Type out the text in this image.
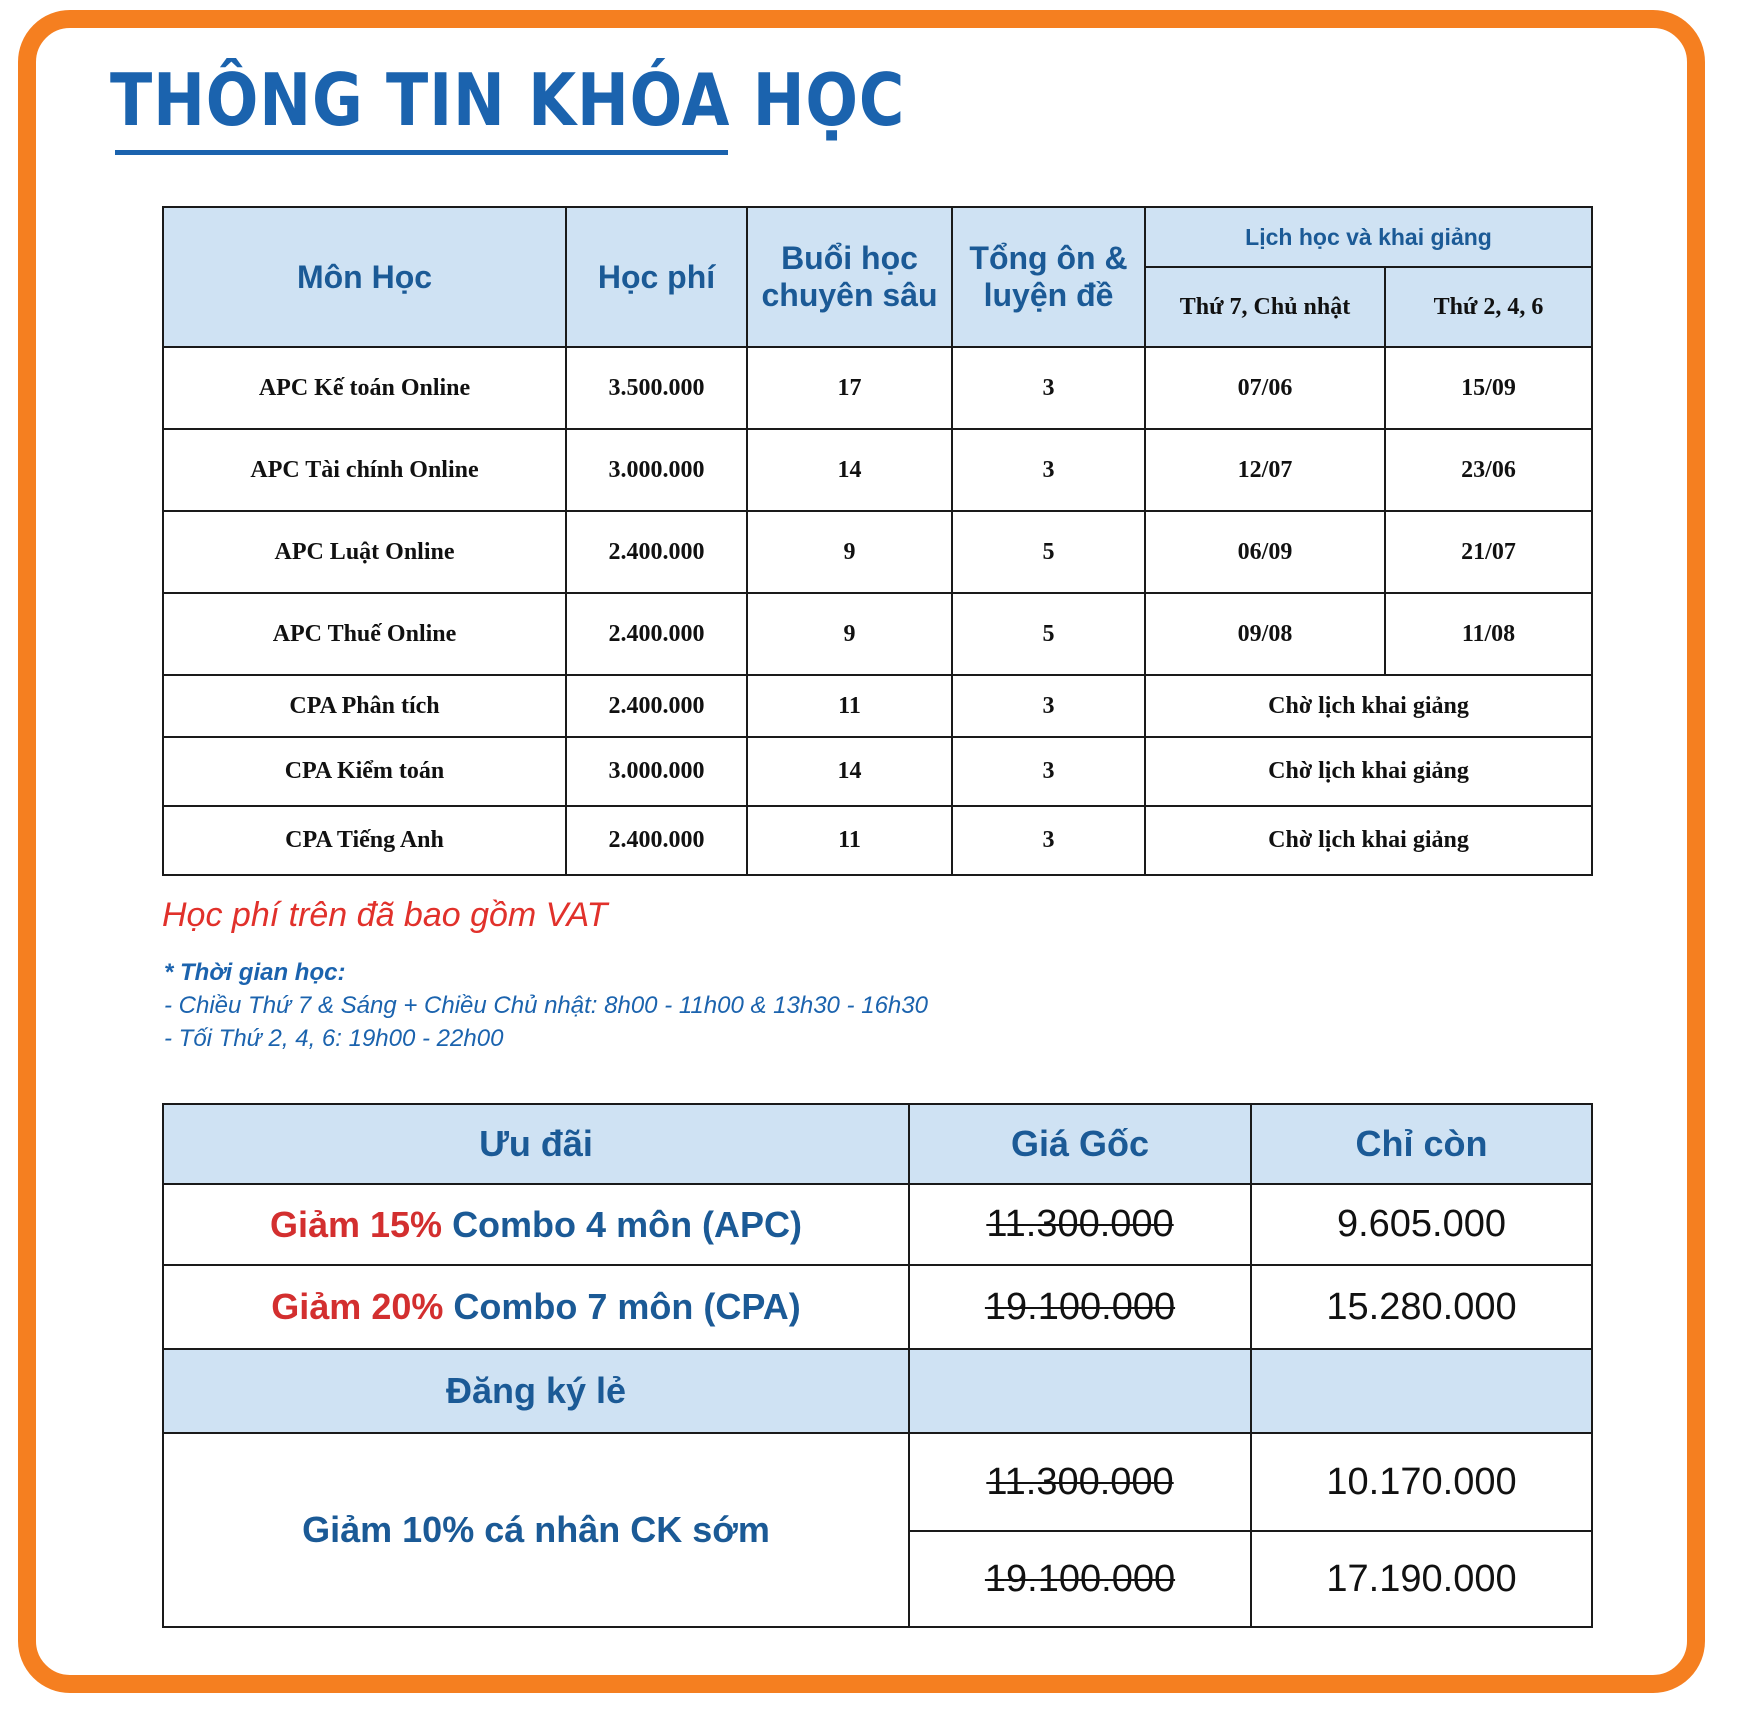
THÔNG TIN KHÓA HỌC
Môn Học	Học phí	Buổi học chuyên sâu	Tổng ôn & luyện đề	Lịch học và khai giảng	
				Thứ 7, Chủ nhật	Thứ 2, 4, 6
APC Kế toán Online	3.500.000	17	3	07/06	15/09
APC Tài chính Online	3.000.000	14	3	12/07	23/06
APC Luật Online	2.400.000	9	5	06/09	21/07
APC Thuế Online	2.400.000	9	5	09/08	11/08
CPA Phân tích	2.400.000	11	3	Chờ lịch khai giảng	
CPA Kiểm toán	3.000.000	14	3	Chờ lịch khai giảng	
CPA Tiếng Anh	2.400.000	11	3	Chờ lịch khai giảng	

Học phí trên đã bao gồm VAT

* Thời gian học:
- Chiều Thứ 7 & Sáng + Chiều Chủ nhật: 8h00 - 11h00 & 13h30 - 16h30
- Tối Thứ 2, 4, 6: 19h00 - 22h00
Ưu đãi	Giá Gốc	Chỉ còn
Giảm 15% Combo 4 môn (APC)	11.300.000	9.605.000
Giảm 20% Combo 7 môn (CPA)	19.100.000	15.280.000
Đăng ký lẻ		
Giảm 10% cá nhân CK sớm	11.300.000	10.170.000
	19.100.000	17.190.000
